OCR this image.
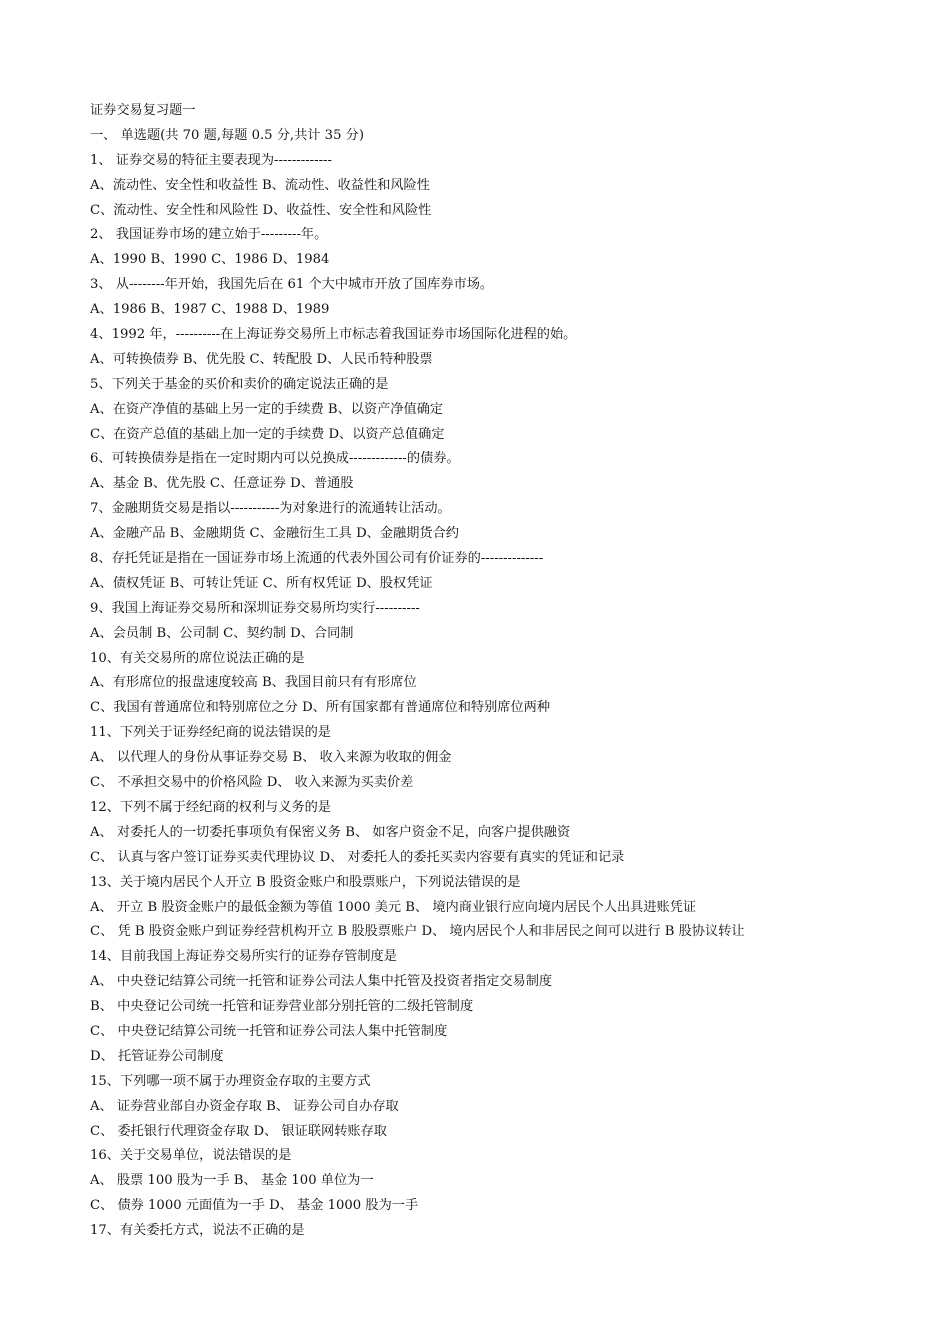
证券交易复习题一
一、 单选题(共 70 题,每题 0.5 分,共计 35 分)
1、 证券交易的特征主要表现为-------------
A、流动性、安全性和收益性 B、流动性、收益性和风险性
C、流动性、安全性和风险性 D、收益性、安全性和风险性
2、 我国证券市场的建立始于---------年。
A、1990 B、1990 C、1986 D、1984
3、 从--------年开始，我国先后在 61 个大中城市开放了国库券市场。
A、1986 B、1987 C、1988 D、1989
4、1992 年，----------在上海证券交易所上市标志着我国证券市场国际化进程的始。
A、可转换债券 B、优先股 C、转配股 D、人民币特种股票
5、下列关于基金的买价和卖价的确定说法正确的是
A、在资产净值的基础上另一定的手续费 B、以资产净值确定
C、在资产总值的基础上加一定的手续费 D、以资产总值确定
6、可转换债券是指在一定时期内可以兑换成-------------的债券。
A、基金 B、优先股 C、任意证券 D、普通股
7、金融期货交易是指以-----------为对象进行的流通转让活动。
A、金融产品 B、金融期货 C、金融衍生工具 D、金融期货合约
8、存托凭证是指在一国证券市场上流通的代表外国公司有价证券的--------------
A、债权凭证 B、可转让凭证 C、所有权凭证 D、股权凭证
9、我国上海证券交易所和深圳证券交易所均实行----------
A、会员制 B、公司制 C、契约制 D、合同制
10、有关交易所的席位说法正确的是
A、有形席位的报盘速度较高 B、我国目前只有有形席位
C、我国有普通席位和特别席位之分 D、所有国家都有普通席位和特别席位两种
11、下列关于证券经纪商的说法错误的是
A、 以代理人的身份从事证券交易 B、 收入来源为收取的佣金
C、 不承担交易中的价格风险 D、 收入来源为买卖价差
12、下列不属于经纪商的权利与义务的是
A、 对委托人的一切委托事项负有保密义务 B、 如客户资金不足，向客户提供融资
C、 认真与客户签订证券买卖代理协议 D、 对委托人的委托买卖内容要有真实的凭证和记录
13、关于境内居民个人开立 B 股资金账户和股票账户，下列说法错误的是
A、 开立 B 股资金账户的最低金额为等值 1000 美元 B、 境内商业银行应向境内居民个人出具进账凭证
C、 凭 B 股资金账户到证券经营机构开立 B 股股票账户 D、 境内居民个人和非居民之间可以进行 B 股协议转让
14、目前我国上海证券交易所实行的证券存管制度是
A、 中央登记结算公司统一托管和证券公司法人集中托管及投资者指定交易制度
B、 中央登记公司统一托管和证券营业部分别托管的二级托管制度
C、 中央登记结算公司统一托管和证券公司法人集中托管制度
D、 托管证券公司制度
15、下列哪一项不属于办理资金存取的主要方式
A、 证券营业部自办资金存取 B、 证券公司自办存取
C、 委托银行代理资金存取 D、 银证联网转账存取
16、关于交易单位，说法错误的是
A、 股票 100 股为一手 B、 基金 100 单位为一
C、 债券 1000 元面值为一手 D、 基金 1000 股为一手
17、有关委托方式，说法不正确的是
